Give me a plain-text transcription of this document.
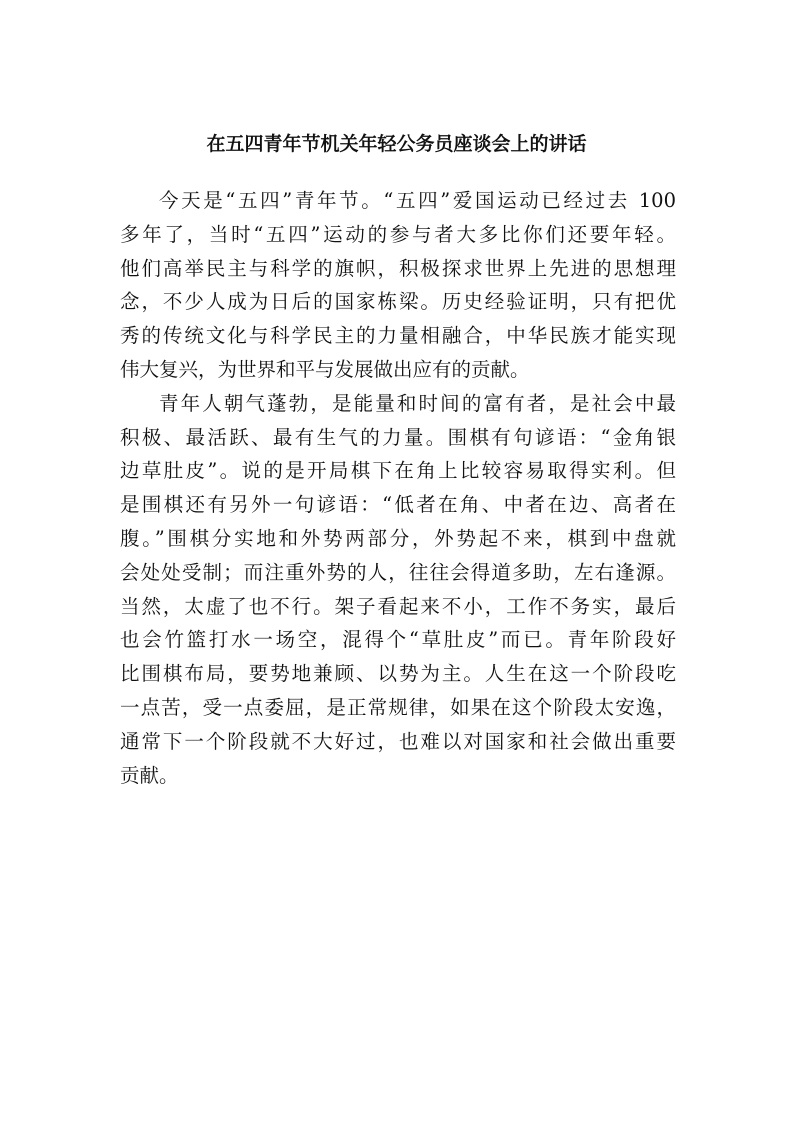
在五四青年节机关年轻公务员座谈会上的讲话

今天是“五四”青年节。“五四”爱国运动已经过去 100
多年了，当时“五四”运动的参与者大多比你们还要年轻。
他们高举民主与科学的旗帜，积极探求世界上先进的思想理
念，不少人成为日后的国家栋梁。历史经验证明，只有把优
秀的传统文化与科学民主的力量相融合，中华民族才能实现
伟大复兴，为世界和平与发展做出应有的贡献。

青年人朝气蓬勃，是能量和时间的富有者，是社会中最
积极、最活跃、最有生气的力量。围棋有句谚语：“金角银
边草肚皮”。说的是开局棋下在角上比较容易取得实利。但
是围棋还有另外一句谚语：“低者在角、中者在边、高者在
腹。”围棋分实地和外势两部分，外势起不来，棋到中盘就
会处处受制；而注重外势的人，往往会得道多助，左右逢源。
当然，太虚了也不行。架子看起来不小，工作不务实，最后
也会竹篮打水一场空，混得个“草肚皮”而已。青年阶段好
比围棋布局，要势地兼顾、以势为主。人生在这一个阶段吃
一点苦，受一点委屈，是正常规律，如果在这个阶段太安逸，
通常下一个阶段就不大好过，也难以对国家和社会做出重要
贡献。
